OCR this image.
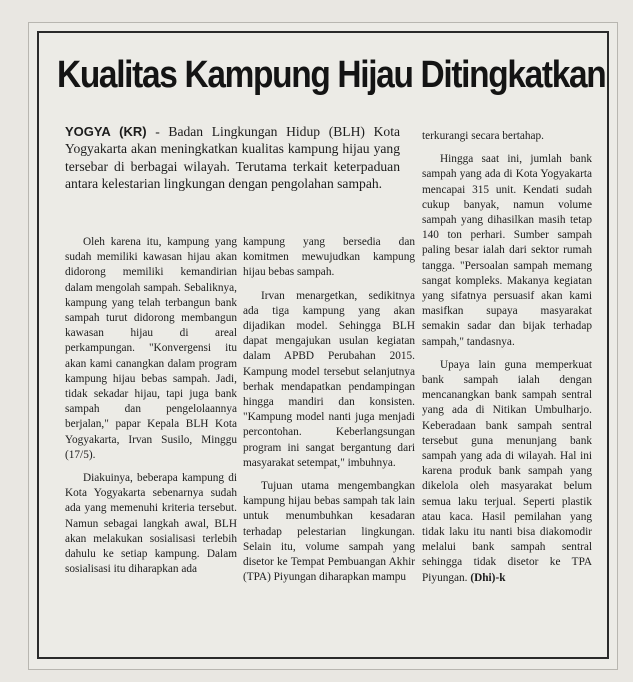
Kualitas Kampung Hijau Ditingkatkan

YOGYA (KR) - Badan Lingkungan Hidup (BLH) Kota Yogyakarta akan meningkatkan kualitas kampung hijau yang tersebar di berbagai wilayah. Terutama terkait keterpaduan antara kelestarian lingkungan dengan pengolahan sampah.

Oleh karena itu, kampung yang sudah memiliki kawasan hijau akan didorong memiliki kemandirian dalam mengolah sampah. Sebaliknya, kampung yang telah terbangun bank sampah turut didorong membangun kawasan hijau di areal perkampungan. "Konvergensi itu akan kami canangkan dalam program kampung hijau bebas sampah. Jadi, tidak sekadar hijau, tapi juga bank sampah dan pengelolaannya berjalan," papar Kepala BLH Kota Yogyakarta, Irvan Susilo, Minggu (17/5).

Diakuinya, beberapa kampung di Kota Yogyakarta sebenarnya sudah ada yang memenuhi kriteria tersebut. Namun sebagai langkah awal, BLH akan melakukan sosialisasi terlebih dahulu ke setiap kampung. Dalam sosialisasi itu diharapkan ada

kampung yang bersedia dan komitmen mewujudkan kampung hijau bebas sampah.

Irvan menargetkan, sedikitnya ada tiga kampung yang akan dijadikan model. Sehingga BLH dapat mengajukan usulan kegiatan dalam APBD Perubahan 2015. Kampung model tersebut selanjutnya berhak mendapatkan pendampingan hingga mandiri dan konsisten. "Kampung model nanti juga menjadi percontohan. Keberlangsungan program ini sangat bergantung dari masyarakat setempat," imbuhnya.

Tujuan utama mengembangkan kampung hijau bebas sampah tak lain untuk menumbuhkan kesadaran terhadap pelestarian lingkungan. Selain itu, volume sampah yang disetor ke Tempat Pembuangan Akhir (TPA) Piyungan diharapkan mampu

terkurangi secara bertahap.

Hingga saat ini, jumlah bank sampah yang ada di Kota Yogyakarta mencapai 315 unit. Kendati sudah cukup banyak, namun volume sampah yang dihasilkan masih tetap 140 ton perhari. Sumber sampah paling besar ialah dari sektor rumah tangga. "Persoalan sampah memang sangat kompleks. Makanya kegiatan yang sifatnya persuasif akan kami masifkan supaya masyarakat semakin sadar dan bijak terhadap sampah," tandasnya.

Upaya lain guna memperkuat bank sampah ialah dengan mencanangkan bank sampah sentral yang ada di Nitikan Umbulharjo. Keberadaan bank sampah sentral tersebut guna menunjang bank sampah yang ada di wilayah. Hal ini karena produk bank sampah yang dikelola oleh masyarakat belum semua laku terjual. Seperti plastik atau kaca. Hasil pemilahan yang tidak laku itu nanti bisa diakomodir melalui bank sampah sentral sehingga tidak disetor ke TPA Piyungan. (Dhi)-k
